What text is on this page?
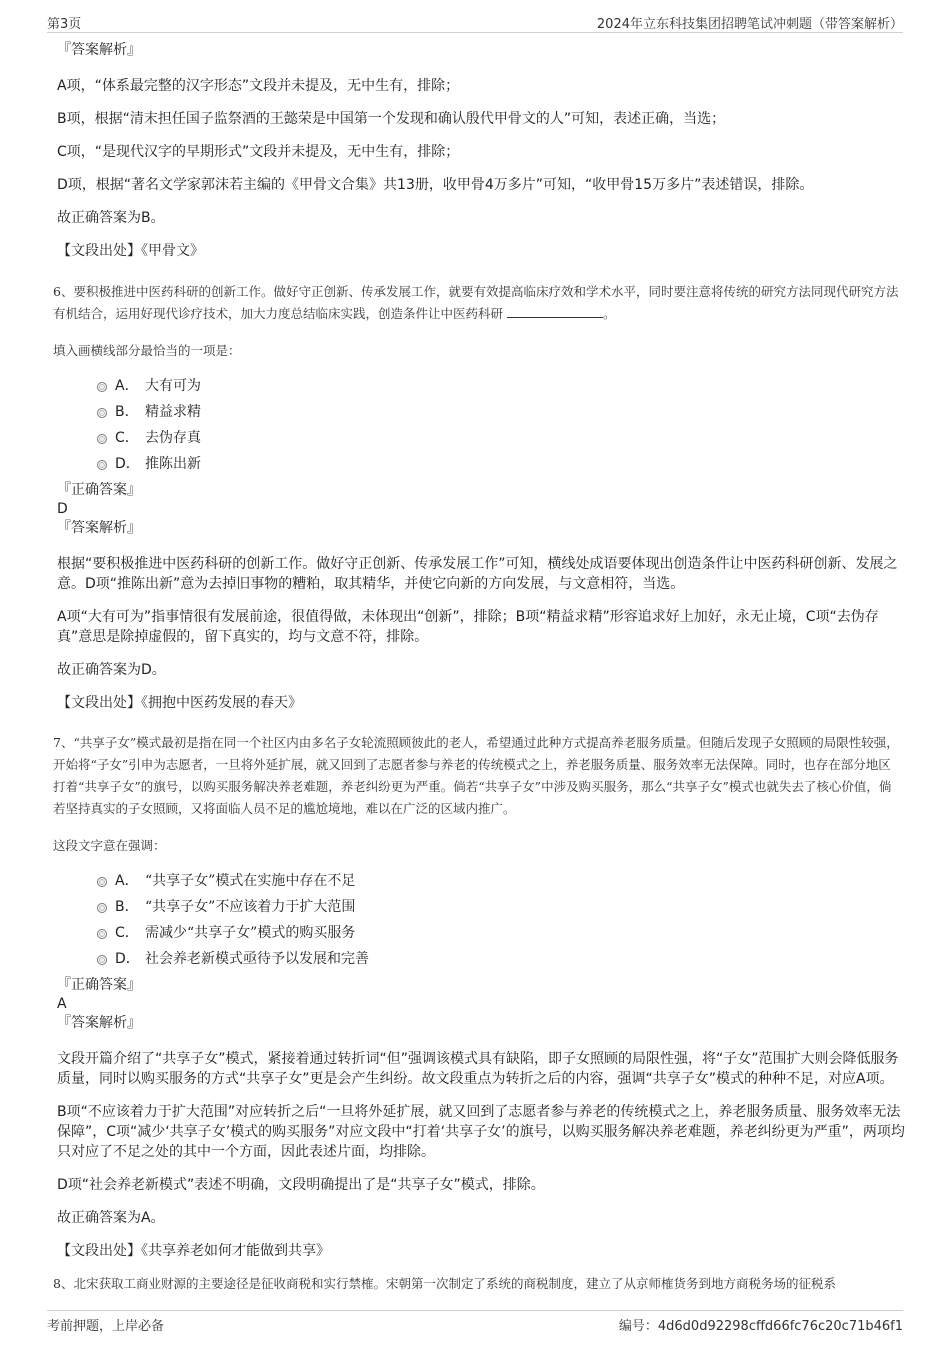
第3页	2024年立东科技集团招聘笔试冲刺题（带答案解析）
『答案解析』

A项，“体系最完整的汉字形态”文段并未提及，无中生有，排除；

B项，根据“清末担任国子监祭酒的王懿荣是中国第一个发现和确认殷代甲骨文的人”可知，表述正确，当选；

C项，“是现代汉字的早期形式”文段并未提及，无中生有，排除；

D项，根据“著名文学家郭沫若主编的《甲骨文合集》共13册，收甲骨4万多片”可知，“收甲骨15万多片”表述错误，排除。

故正确答案为B。

【文段出处】《甲骨文》

6、要积极推进中医药科研的创新工作。做好守正创新、传承发展工作，就要有效提高临床疗效和学术水平，同时要注意将传统的研究方法同现代研究方法有机结合，运用好现代诊疗技术，加大力度总结临床实践，创造条件让中医药科研	。

填入画横线部分最恰当的一项是：

A． 大有可为
B． 精益求精
C． 去伪存真
D． 推陈出新

『正确答案』

D

『答案解析』

根据“要积极推进中医药科研的创新工作。做好守正创新、传承发展工作”可知，横线处成语要体现出创造条件让中医药科研创新、发展之意。D项“推陈出新”意为去掉旧事物的糟粕，取其精华，并使它向新的方向发展，与文意相符，当选。

A项“大有可为”指事情很有发展前途，很值得做，未体现出“创新”，排除；B项“精益求精”形容追求好上加好，永无止境，C项“去伪存真”意思是除掉虚假的，留下真实的，均与文意不符，排除。

故正确答案为D。

【文段出处】《拥抱中医药发展的春天》

7、“共享子女”模式最初是指在同一个社区内由多名子女轮流照顾彼此的老人，希望通过此种方式提高养老服务质量。但随后发现子女照顾的局限性较强，开始将“子女”引申为志愿者，一旦将外延扩展，就又回到了志愿者参与养老的传统模式之上，养老服务质量、服务效率无法保障。同时，也存在部分地区打着“共享子女”的旗号，以购买服务解决养老难题，养老纠纷更为严重。倘若“共享子女”中涉及购买服务，那么“共享子女”模式也就失去了核心价值，倘若坚持真实的子女照顾，又将面临人员不足的尴尬境地，难以在广泛的区域内推广。

这段文字意在强调：

A． “共享子女”模式在实施中存在不足
B． “共享子女”不应该着力于扩大范围
C． 需减少“共享子女”模式的购买服务
D． 社会养老新模式亟待予以发展和完善

『正确答案』

A

『答案解析』

文段开篇介绍了“共享子女”模式，紧接着通过转折词“但”强调该模式具有缺陷，即子女照顾的局限性强，将“子女”范围扩大则会降低服务质量，同时以购买服务的方式“共享子女”更是会产生纠纷。故文段重点为转折之后的内容，强调“共享子女”模式的种种不足，对应A项。

B项“不应该着力于扩大范围”对应转折之后“一旦将外延扩展，就又回到了志愿者参与养老的传统模式之上，养老服务质量、服务效率无法保障”，C项“减少‘共享子女’模式的购买服务”对应文段中“打着‘共享子女’的旗号，以购买服务解决养老难题，养老纠纷更为严重”，两项均只对应了不足之处的其中一个方面，因此表述片面，均排除。

D项“社会养老新模式”表述不明确，文段明确提出了是“共享子女”模式，排除。

故正确答案为A。

【文段出处】《共享养老如何才能做到共享》

8、北宋获取工商业财源的主要途径是征收商税和实行禁榷。宋朝第一次制定了系统的商税制度，建立了从京师榷货务到地方商税务场的征税系

考前押题，上岸必备	编号：4d6d0d92298cffd66fc76c20c71b46f1
